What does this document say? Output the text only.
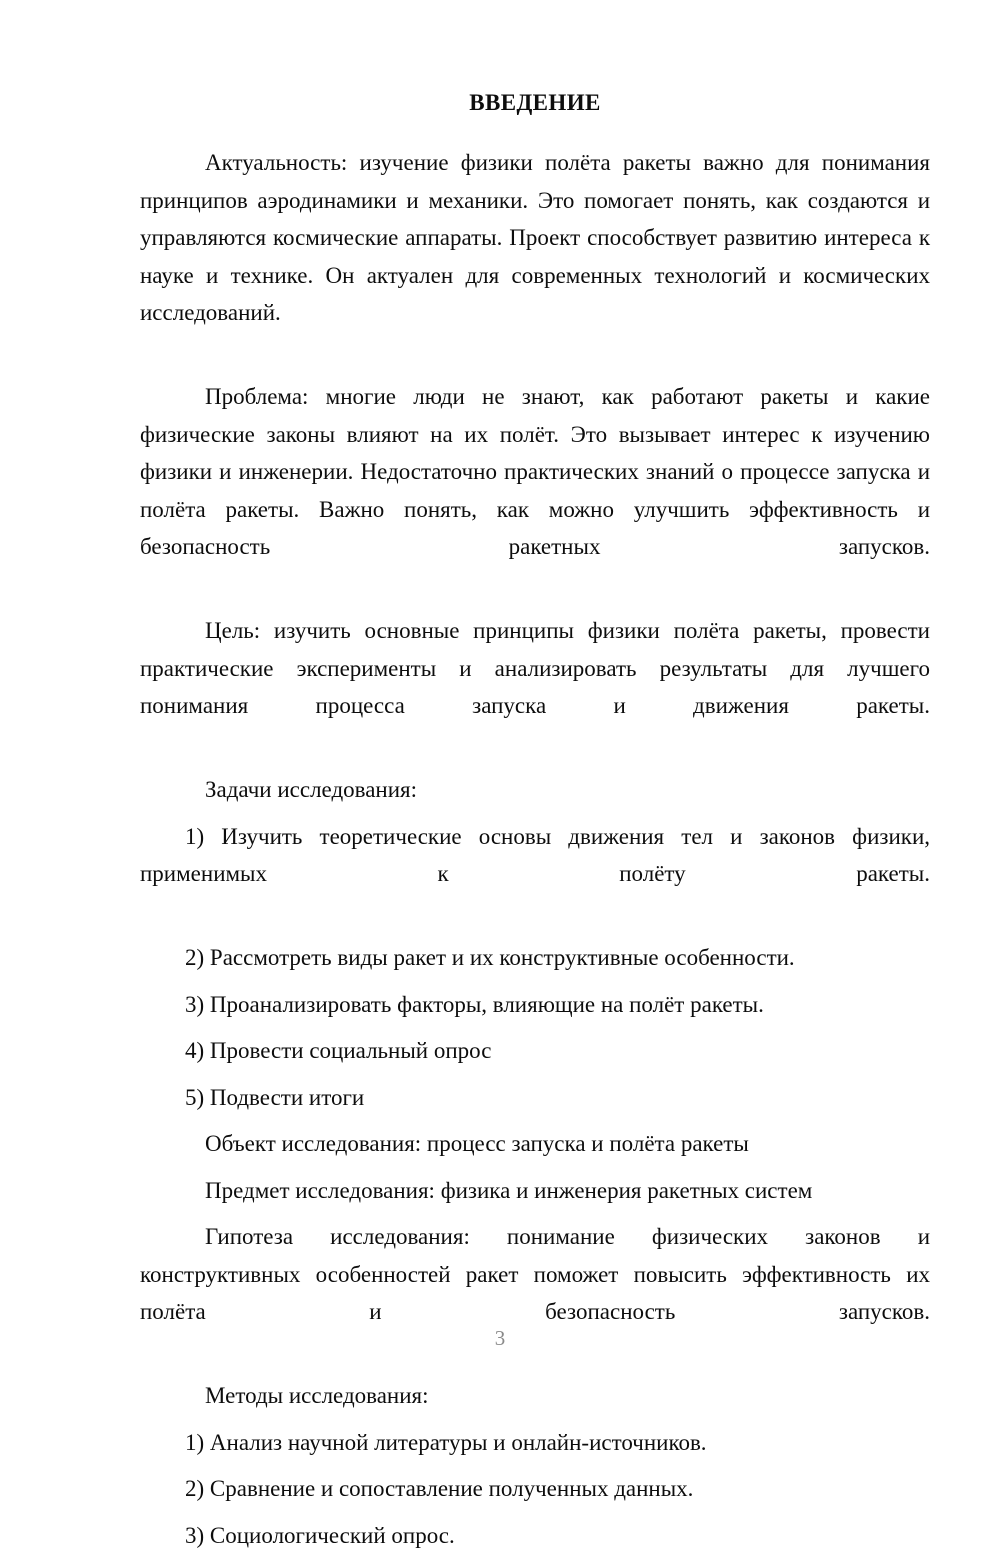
ВВЕДЕНИЕ

Актуальность: изучение физики полёта ракеты важно для понимания принципов аэродинамики и механики. Это помогает понять, как создаются и управляются космические аппараты. Проект способствует развитию интереса к науке и технике. Он актуален для современных технологий и космических исследований.

Проблема: многие люди не знают, как работают ракеты и какие физические законы влияют на их полёт. Это вызывает интерес к изучению физики и инженерии. Недостаточно практических знаний о процессе запуска и полёта ракеты. Важно понять, как можно улучшить эффективность и безопасность ракетных запусков.

Цель: изучить основные принципы физики полёта ракеты, провести практические эксперименты и анализировать результаты для лучшего понимания процесса запуска и движения ракеты.

Задачи исследования:

1) Изучить теоретические основы движения тел и законов физики, применимых к полёту ракеты.

2) Рассмотреть виды ракет и их конструктивные особенности.

3) Проанализировать факторы, влияющие на полёт ракеты.

4) Провести социальный опрос

5) Подвести итоги

Объект исследования: процесс запуска и полёта ракеты

Предмет исследования: физика и инженерия ракетных систем

Гипотеза исследования: понимание физических законов и конструктивных особенностей ракет поможет повысить эффективность их полёта и безопасность запусков.

Методы исследования:

1) Анализ научной литературы и онлайн-источников.

2) Сравнение и сопоставление полученных данных.

3) Социологический опрос.

3
